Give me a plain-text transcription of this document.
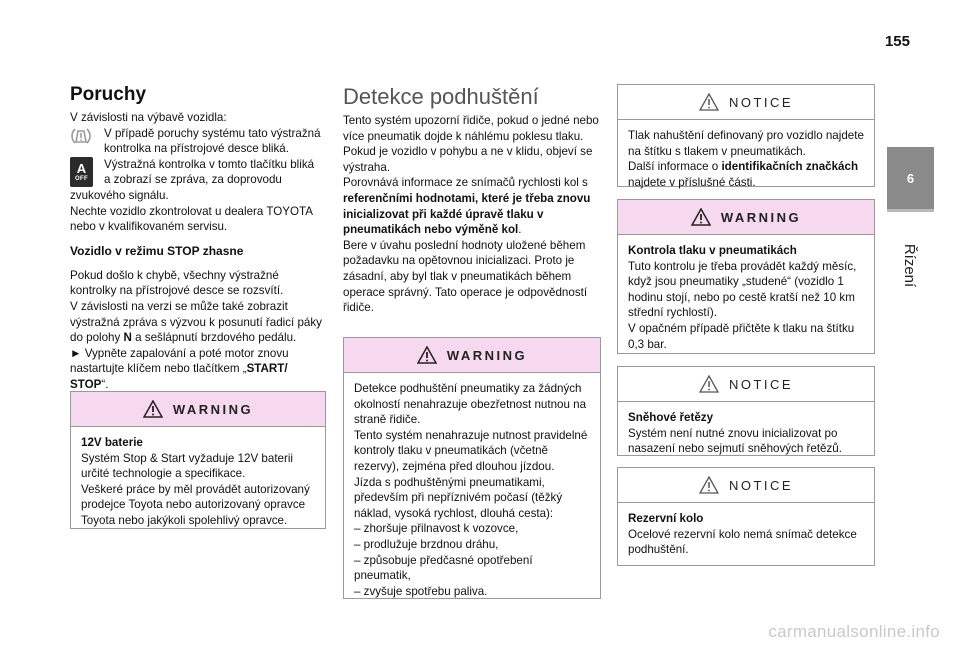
155
6
Řízení
Poruchy

V závislosti na výbavě vozidla:

V případě poruchy systému tato výstražná kontrolka na přístrojové desce bliká.

Výstražná kontrolka v tomto tlačítku bliká

a zobrazí se zpráva, za doprovodu zvukového signálu.

Nechte vozidlo zkontrolovat u dealera TOYOTA nebo v kvalifikovaném servisu.

Vozidlo v režimu STOP zhasne

Pokud došlo k chybě, všechny výstražné kontrolky na přístrojové desce se rozsvítí.

V závislosti na verzi se může také zobrazit výstražná zpráva s výzvou k posunutí řadicí páky do polohy N a sešlápnutí brzdového pedálu.

► Vypněte zapalování a poté motor znovu nastartujte klíčem nebo tlačítkem „START/ STOP“.

A
OFF
WARNING

12V baterie

Systém Stop & Start vyžaduje 12V baterii určité technologie a specifikace.

Veškeré práce by měl provádět autorizovaný prodejce Toyota nebo autorizovaný opravce Toyota nebo jakýkoli spolehlivý opravce.

Detekce podhuštění

Tento systém upozorní řidiče, pokud o jedné nebo více pneumatik dojde k náhlému poklesu tlaku.

Pokud je vozidlo v pohybu a ne v klidu, objeví se výstraha.

Porovnává informace ze snímačů rychlosti kol s referenčními hodnotami, které je třeba znovu inicializovat při každé úpravě tlaku v pneumatikách nebo výměně kol.

Bere v úvahu poslední hodnoty uložené během požadavku na opětovnou inicializaci. Proto je zásadní, aby byl tlak v pneumatikách během operace správný. Tato operace je odpovědností řidiče.

WARNING

Detekce podhuštění pneumatiky za žádných okolností nenahrazuje obezřetnost nutnou na straně řidiče.

Tento systém nenahrazuje nutnost pravidelné kontroly tlaku v pneumatikách (včetně rezervy), zejména před dlouhou jízdou.

Jízda s podhuštěnými pneumatikami, především při nepříznivém počasí (těžký náklad, vysoká rychlost, dlouhá cesta):

– zhoršuje přilnavost k vozovce,

– prodlužuje brzdnou dráhu,

– způsobuje předčasné opotřebení pneumatik,

– zvyšuje spotřebu paliva.

NOTICE

Tlak nahuštění definovaný pro vozidlo najdete na štítku s tlakem v pneumatikách.

Další informace o identifikačních značkách najdete v příslušné části.

WARNING

Kontrola tlaku v pneumatikách

Tuto kontrolu je třeba provádět každý měsíc, když jsou pneumatiky „studené“ (vozidlo 1 hodinu stojí, nebo po cestě kratší než 10 km střední rychlostí).

V opačném případě přičtěte k tlaku na štítku 0,3 bar.

NOTICE

Sněhové řetězy

Systém není nutné znovu inicializovat po nasazení nebo sejmutí sněhových řetězů.

NOTICE

Rezervní kolo

Ocelové rezervní kolo nemá snímač detekce podhuštění.

carmanualsonline.info
